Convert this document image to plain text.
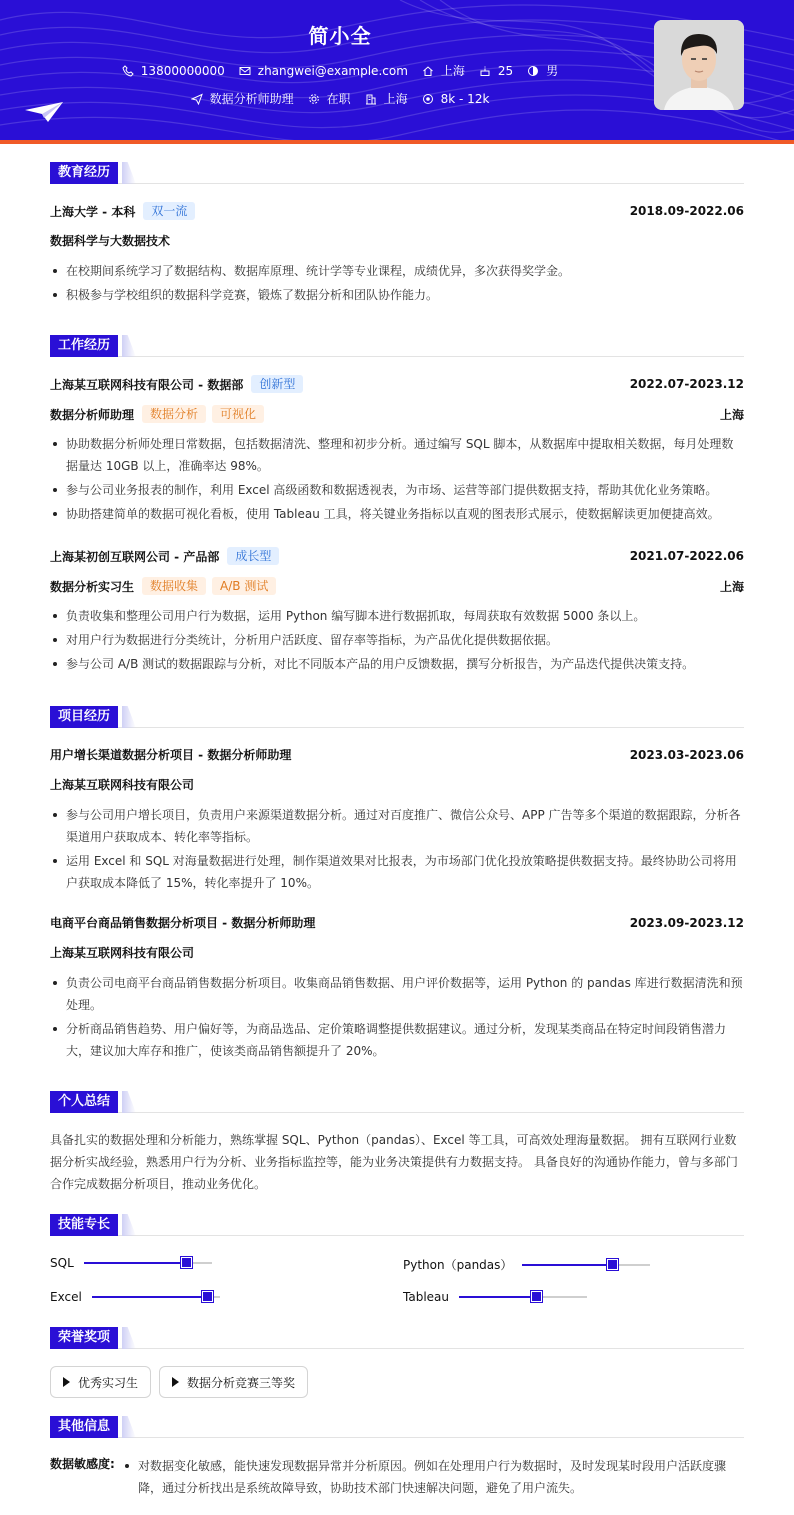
简小全
13800000000	zhangwei@example.com	上海	25	男
数据分析师助理	在职	上海	8k - 12k
教育经历
上海大学 - 本科	双一流	2018.09-2022.06
数据科学与大数据技术
在校期间系统学习了数据结构、数据库原理、统计学等专业课程，成绩优异，多次获得奖学金。
积极参与学校组织的数据科学竞赛，锻炼了数据分析和团队协作能力。
工作经历
上海某互联网科技有限公司 - 数据部	创新型	2022.07-2023.12
数据分析师助理	数据分析	可视化	上海
协助数据分析师处理日常数据，包括数据清洗、整理和初步分析。通过编写 SQL 脚本，从数据库中提取相关数据，每月处理数据量达 10GB 以上，准确率达 98%。
参与公司业务报表的制作，利用 Excel 高级函数和数据透视表，为市场、运营等部门提供数据支持，帮助其优化业务策略。
协助搭建简单的数据可视化看板，使用 Tableau 工具，将关键业务指标以直观的图表形式展示，使数据解读更加便捷高效。
上海某初创互联网公司 - 产品部	成长型	2021.07-2022.06
数据分析实习生	数据收集	A/B 测试	上海
负责收集和整理公司用户行为数据，运用 Python 编写脚本进行数据抓取，每周获取有效数据 5000 条以上。
对用户行为数据进行分类统计，分析用户活跃度、留存率等指标，为产品优化提供数据依据。
参与公司 A/B 测试的数据跟踪与分析，对比不同版本产品的用户反馈数据，撰写分析报告，为产品迭代提供决策支持。
项目经历
用户增长渠道数据分析项目 - 数据分析师助理	2023.03-2023.06
上海某互联网科技有限公司
参与公司用户增长项目，负责用户来源渠道数据分析。通过对百度推广、微信公众号、APP 广告等多个渠道的数据跟踪，分析各渠道用户获取成本、转化率等指标。
运用 Excel 和 SQL 对海量数据进行处理，制作渠道效果对比报表，为市场部门优化投放策略提供数据支持。最终协助公司将用户获取成本降低了 15%，转化率提升了 10%。
电商平台商品销售数据分析项目 - 数据分析师助理	2023.09-2023.12
上海某互联网科技有限公司
负责公司电商平台商品销售数据分析项目。收集商品销售数据、用户评价数据等，运用 Python 的 pandas 库进行数据清洗和预处理。
分析商品销售趋势、用户偏好等，为商品选品、定价策略调整提供数据建议。通过分析，发现某类商品在特定时间段销售潜力大，建议加大库存和推广，使该类商品销售额提升了 20%。
个人总结
具备扎实的数据处理和分析能力，熟练掌握 SQL、Python（pandas）、Excel 等工具，可高效处理海量数据。 拥有互联网行业数据分析实战经验，熟悉用户行为分析、业务指标监控等，能为业务决策提供有力数据支持。 具备良好的沟通协作能力，曾与多部门合作完成数据分析项目，推动业务优化。
技能专长
SQL	Python（pandas）
Excel	Tableau
荣誉奖项
优秀实习生	数据分析竞赛三等奖
其他信息
数据敏感度:	对数据变化敏感，能快速发现数据异常并分析原因。例如在处理用户行为数据时，及时发现某时段用户活跃度骤降，通过分析找出是系统故障导致，协助技术部门快速解决问题，避免了用户流失。
